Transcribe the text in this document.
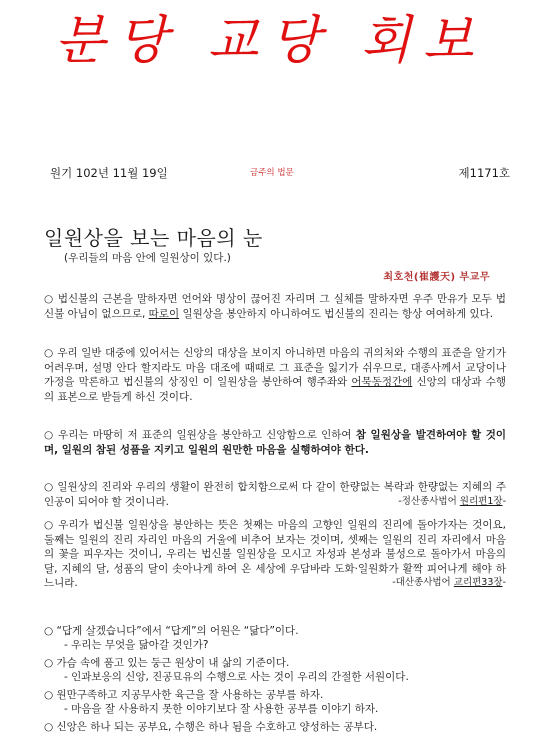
분당 교당 회보
원기 102년 11월 19일	금주의 법문	제1171호
일원상을 보는 마음의 눈
(우리들의 마음 안에 일원상이 있다.)
최호천(崔護天) 부교무

○ 법신불의 근본을 말하자면 언어와 명상이 끊어진 자리며 그 실체를 말하자면 우주 만유가 모두 법신불 아님이 없으므로, 따로이 일원상을 봉안하지 아니하여도 법신불의 진리는 항상 여여하게 있다.

○ 우리 일반 대중에 있어서는 신앙의 대상을 보이지 아니하면 마음의 귀의처와 수행의 표준을 알기가 어려우며, 설명 안다 할지라도 마음 대조에 때때로 그 표준을 잃기가 쉬우므로, 대종사께서 교당이나 가정을 막론하고 법신불의 상징인 이 일원상을 봉안하여 행주좌와 어묵동정간에 신앙의 대상과 수행의 표본으로 받들게 하신 것이다.

○ 우리는 마땅히 저 표준의 일원상을 봉안하고 신앙함으로 인하여 참 일원상을 발견하여야 할 것이며, 일원의 참된 성품을 지키고 일원의 원만한 마음을 실행하여야 한다.

○ 일원상의 진리와 우리의 생활이 완전히 합치함으로써 다 같이 한량없는 복락과 한량없는 지혜의 주인공이 되어야 할 것이니라.	-정산종사법어 원리편1장-

○ 우리가 법신불 일원상을 봉안하는 뜻은 첫째는 마음의 고향인 일원의 진리에 돌아가자는 것이요, 둘째는 일원의 진리 자리인 마음의 거울에 비추어 보자는 것이며, 셋째는 일원의 진리 자리에서 마음의 꽃을 피우자는 것이니, 우리는 법신불 일원상을 모시고 자성과 본성과 불성으로 돌아가서 마음의 달, 지혜의 달, 성품의 달이 솟아나게 하여 온 세상에 우담바라 도화·일원화가 활짝 피어나게 해야 하느니라.	-대산종사법어 교리편33장-

○ “답게 살겠습니다”에서 “답게”의 어원은 “닮다”이다.
- 우리는 무엇을 닮아갈 것인가?
○ 가슴 속에 품고 있는 둥근 원상이 내 삶의 기준이다.
- 인과보응의 신앙, 진공묘유의 수행으로 사는 것이 우리의 간절한 서원이다.
○ 원만구족하고 지공무사한 육근을 잘 사용하는 공부를 하자.
- 마음을 잘 사용하지 못한 이야기보다 잘 사용한 공부를 이야기 하자.
○ 신앙은 하나 되는 공부요, 수행은 하나 됨을 수호하고 양성하는 공부다.
